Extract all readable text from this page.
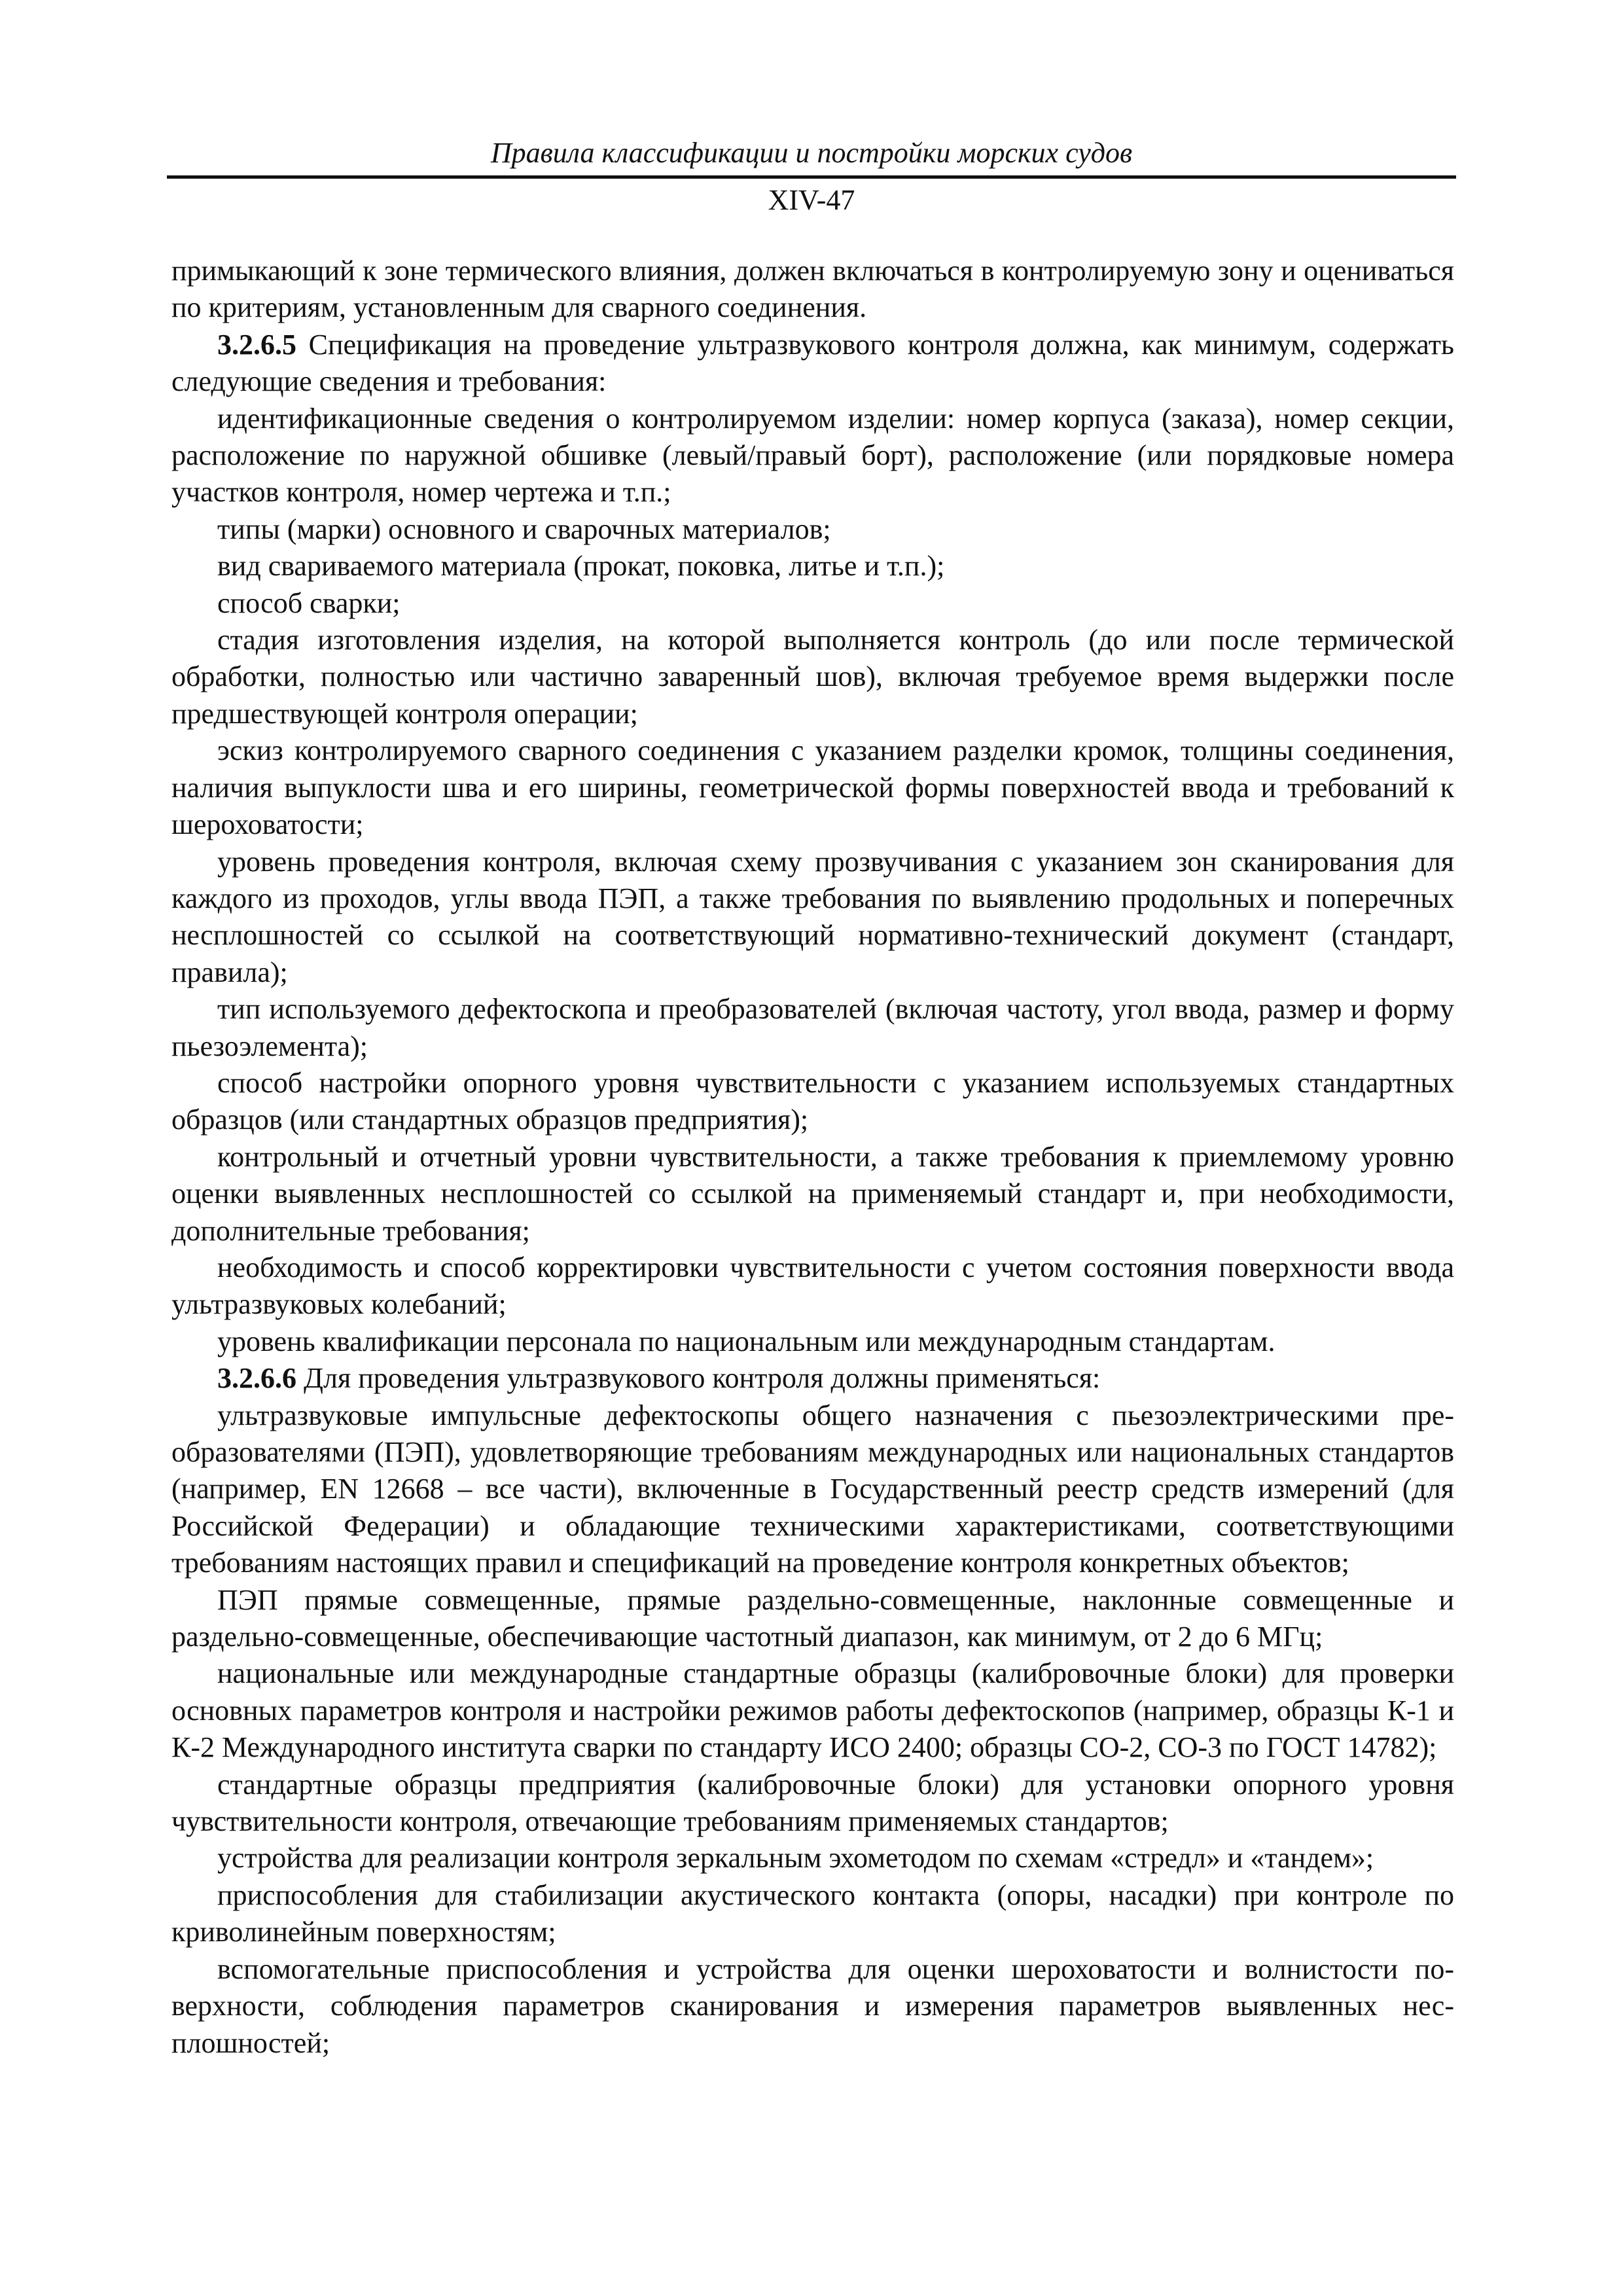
Правила классификации и постройки морских судов
XIV-47

примыкающий к зоне термического влияния, должен включаться в контролируемую зону и оцениваться по критериям, установленным для сварного соединения.

3.2.6.5 Спецификация на проведение ультразвукового контроля должна, как минимум, содержать следующие сведения и требования:

идентификационные сведения о контролируемом изделии: номер корпуса (заказа), номер секции, расположение по наружной обшивке (левый/правый борт), расположение (или порядковые номера участков контроля, номер чертежа и т.п.;

типы (марки) основного и сварочных материалов;

вид свариваемого материала (прокат, поковка, литье и т.п.);

способ сварки;

стадия изготовления изделия, на которой выполняется контроль (до или после термической обработки, полностью или частично заваренный шов), включая требуемое время выдержки после предшествующей контроля операции;

эскиз контролируемого сварного соединения с указанием разделки кромок, толщины соединения, наличия выпуклости шва и его ширины, геометрической формы поверхностей ввода и требований к шероховатости;

уровень проведения контроля, включая схему прозвучивания с указанием зон сканирования для каждого из проходов, углы ввода ПЭП, а также требования по выявлению продольных и поперечных несплошностей со ссылкой на соответствующий нормативно-технический документ (стандарт, правила);

тип используемого дефектоскопа и преобразователей (включая частоту, угол ввода, размер и форму пьезоэлемента);

способ настройки опорного уровня чувствительности с указанием используемых стандартных образцов (или стандартных образцов предприятия);

контрольный и отчетный уровни чувствительности, а также требования к приемлемому уровню оценки выявленных несплошностей со ссылкой на применяемый стандарт и, при необходимости, дополнительные требования;

необходимость и способ корректировки чувствительности с учетом состояния поверхности ввода ультразвуковых колебаний;

уровень квалификации персонала по национальным или международным стандартам.

3.2.6.6 Для проведения ультразвукового контроля должны применяться:

ультразвуковые импульсные дефектоскопы общего назначения с пьезоэлектрическими преобразователями (ПЭП), удовлетворяющие требованиям международных или национальных стандартов (например, EN 12668 – все части), включенные в Государственный реестр средств измерений (для Российской Федерации) и обладающие техническими характеристиками, соответствующими требованиям настоящих правил и спецификаций на проведение контроля конкретных объектов;

ПЭП прямые совмещенные, прямые раздельно-совмещенные, наклонные совмещенные и раздельно-совмещенные, обеспечивающие частотный диапазон, как минимум, от 2 до 6 МГц;

национальные или международные стандартные образцы (калибровочные блоки) для проверки основных параметров контроля и настройки режимов работы дефектоскопов (например, образцы К-1 и К-2 Международного института сварки по стандарту ИСО 2400; образцы СО-2, СО-3 по ГОСТ 14782);

стандартные образцы предприятия (калибровочные блоки) для установки опорного уровня чувствительности контроля, отвечающие требованиям применяемых стандартов;

устройства для реализации контроля зеркальным эхометодом по схемам «стредл» и «тандем»;

приспособления для стабилизации акустического контакта (опоры, насадки) при контроле по криволинейным поверхностям;

вспомогательные приспособления и устройства для оценки шероховатости и волнистости поверхности, соблюдения параметров сканирования и измерения параметров выявленных несплошностей;
